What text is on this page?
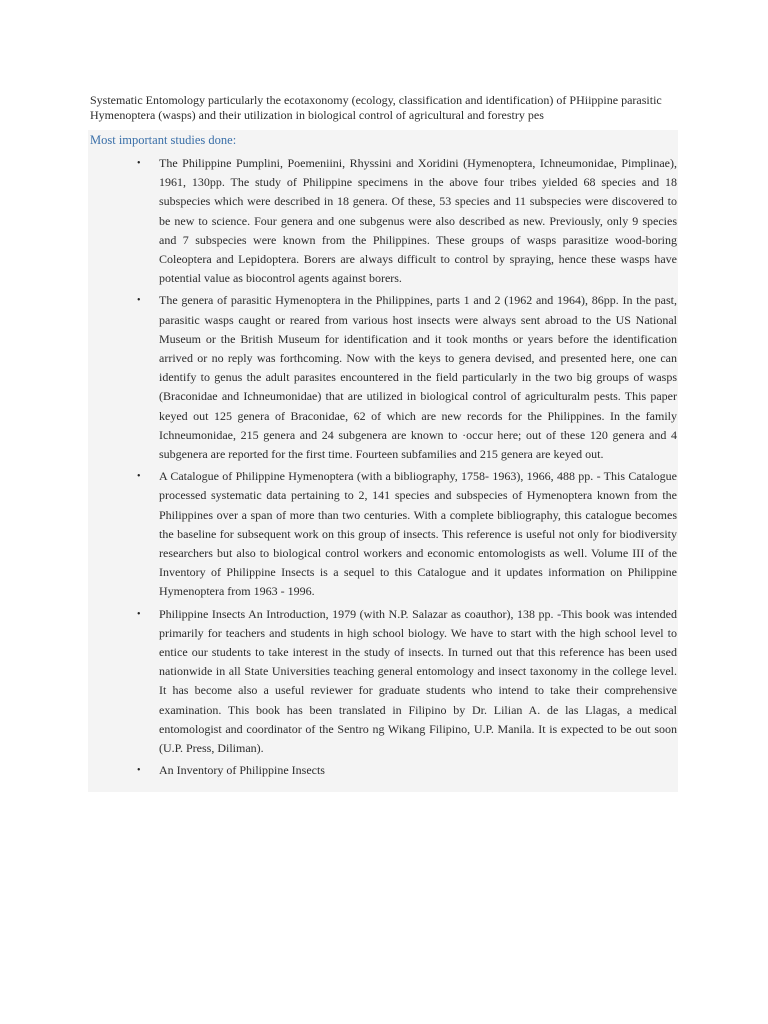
Systematic Entomology particularly the ecotaxonomy (ecology, classification and identification) of PHiippine parasitic Hymenoptera (wasps) and their utilization in biological control of agricultural and forestry pes

Most important studies done:

• The Philippine Pumplini, Poemeniini, Rhyssini and Xoridini (Hymenoptera, Ichneumonidae, Pimplinae), 1961, 130pp. The study of Philippine specimens in the above four tribes yielded 68 species and 18 subspecies which were described in 18 genera. Of these, 53 species and 11 subspecies were discovered to be new to science. Four genera and one subgenus were also described as new. Previously, only 9 species and 7 subspecies were known from the Philippines. These groups of wasps parasitize wood-boring Coleoptera and Lepidoptera. Borers are always difficult to control by spraying, hence these wasps have potential value as biocontrol agents against borers.
• The genera of parasitic Hymenoptera in the Philippines, parts 1 and 2 (1962 and 1964), 86pp. In the past, parasitic wasps caught or reared from various host insects were always sent abroad to the US National Museum or the British Museum for identification and it took months or years before the identification arrived or no reply was forthcoming. Now with the keys to genera devised, and presented here, one can identify to genus the adult parasites encountered in the field particularly in the two big groups of wasps (Braconidae and Ichneumonidae) that are utilized in biological control of agriculturalm pests. This paper keyed out 125 genera of Braconidae, 62 of which are new records for the Philippines. In the family Ichneumonidae, 215 genera and 24 subgenera are known to ·occur here; out of these 120 genera and 4 subgenera are reported for the first time. Fourteen subfamilies and 215 genera are keyed out.
• A Catalogue of Philippine Hymenoptera (with a bibliography, 1758- 1963), 1966, 488 pp. - This Catalogue processed systematic data pertaining to 2, 141 species and subspecies of Hymenoptera known from the Philippines over a span of more than two centuries. With a complete bibliography, this catalogue becomes the baseline for subsequent work on this group of insects. This reference is useful not only for biodiversity researchers but also to biological control workers and economic entomologists as well. Volume III of the Inventory of Philippine Insects is a sequel to this Catalogue and it updates information on Philippine Hymenoptera from 1963 - 1996.
• Philippine Insects An Introduction, 1979 (with N.P. Salazar as coauthor), 138 pp. -This book was intended primarily for teachers and students in high school biology. We have to start with the high school level to entice our students to take interest in the study of insects. In turned out that this reference has been used nationwide in all State Universities teaching general entomology and insect taxonomy in the college level. It has become also a useful reviewer for graduate students who intend to take their comprehensive examination. This book has been translated in Filipino by Dr. Lilian A. de las Llagas, a medical entomologist and coordinator of the Sentro ng Wikang Filipino, U.P. Manila. It is expected to be out soon (U.P. Press, Diliman).
• An Inventory of Philippine Insects
